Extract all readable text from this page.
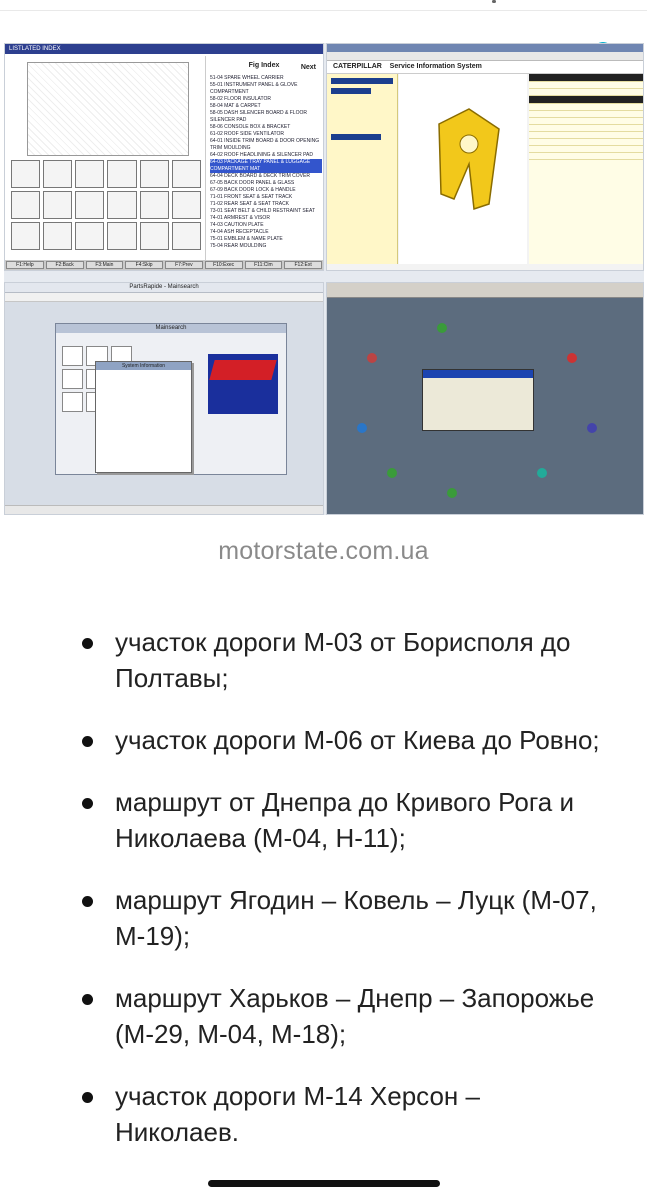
LISTLATED INDEX
Fig Index	Next
51-04 SPARE WHEEL CARRIER
55-01 INSTRUMENT PANEL & GLOVE COMPARTMENT
58-02 FLOOR INSULATOR
58-04 MAT & CARPET
58-05 DASH SILENCER BOARD & FLOOR SILENCER PAD
58-06 CONSOLE BOX & BRACKET
61-02 ROOF SIDE VENTILATOR
64-01 INSIDE TRIM BOARD & DOOR OPENING TRIM MOULDING
64-02 ROOF HEADLINING & SILENCER PAD
64-03 PACKAGE TRAY PANEL & LUGGAGE COMPARTMENT MAT
64-04 DECK BOARD & DECK TRIM COVER
67-05 BACK DOOR PANEL & GLASS
67-09 BACK DOOR LOCK & HANDLE
71-01 FRONT SEAT & SEAT TRACK
71-02 REAR SEAT & SEAT TRACK
73-01 SEAT BELT & CHILD RESTRAINT SEAT
74-01 ARMREST & VISOR
74-03 CAUTION PLATE
74-04 ASH RECEPTACLE
75-01 EMBLEM & NAME PLATE
75-04 REAR MOULDING
F1:Help	F2:Back	F3:Main	F4:Skip	F7:Prev	F10:Exec	F11:Clm	F12:Ext
CATERPILLAR Service Information System
PartsRapide - Mainsearch
Mainsearch
System Information
motorstate.com.ua
участок дороги М-03 от Борисполя до Полтавы;
участок дороги М-06 от Киева до Ровно;
маршрут от Днепра до Кривого Рога и Николаева (М-04, Н-11);
маршрут Ягодин – Ковель – Луцк (М-07, М-19);
маршрут Харьков – Днепр – Запорожье (М-29, М-04, М-18);
участок дороги М-14 Херсон – Николаев.
